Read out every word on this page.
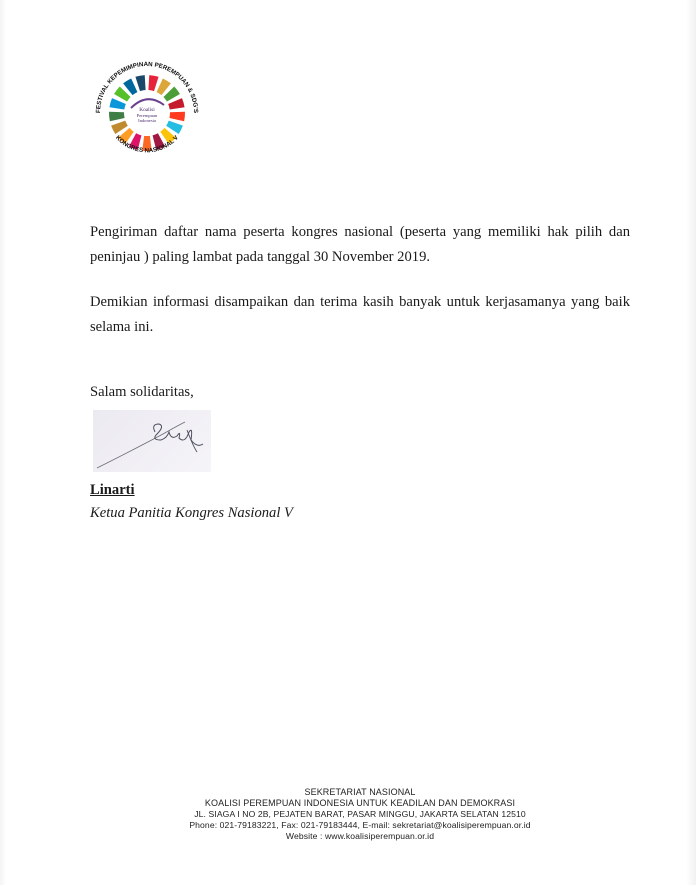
Koalisi
Perempuan
Indonesia
FESTIVAL KEPEMIMPINAN PEREMPUAN & SDG'S
KONGRES NASIONAL V

Pengiriman daftar nama peserta kongres nasional (peserta yang memiliki hak pilih dan peninjau ) paling lambat pada tanggal 30 November 2019.

Demikian informasi disampaikan dan terima kasih banyak untuk kerjasamanya yang baik selama ini.

Salam solidaritas,
Linarti
Ketua Panitia Kongres Nasional V
SEKRETARIAT NASIONAL
KOALISI PEREMPUAN INDONESIA UNTUK KEADILAN DAN DEMOKRASI
JL. SIAGA I NO 2B, PEJATEN BARAT, PASAR MINGGU, JAKARTA SELATAN 12510
Phone: 021-79183221, Fax: 021-79183444, E-mail: sekretariat@koalisiperempuan.or.id
Website : www.koalisiperempuan.or.id
